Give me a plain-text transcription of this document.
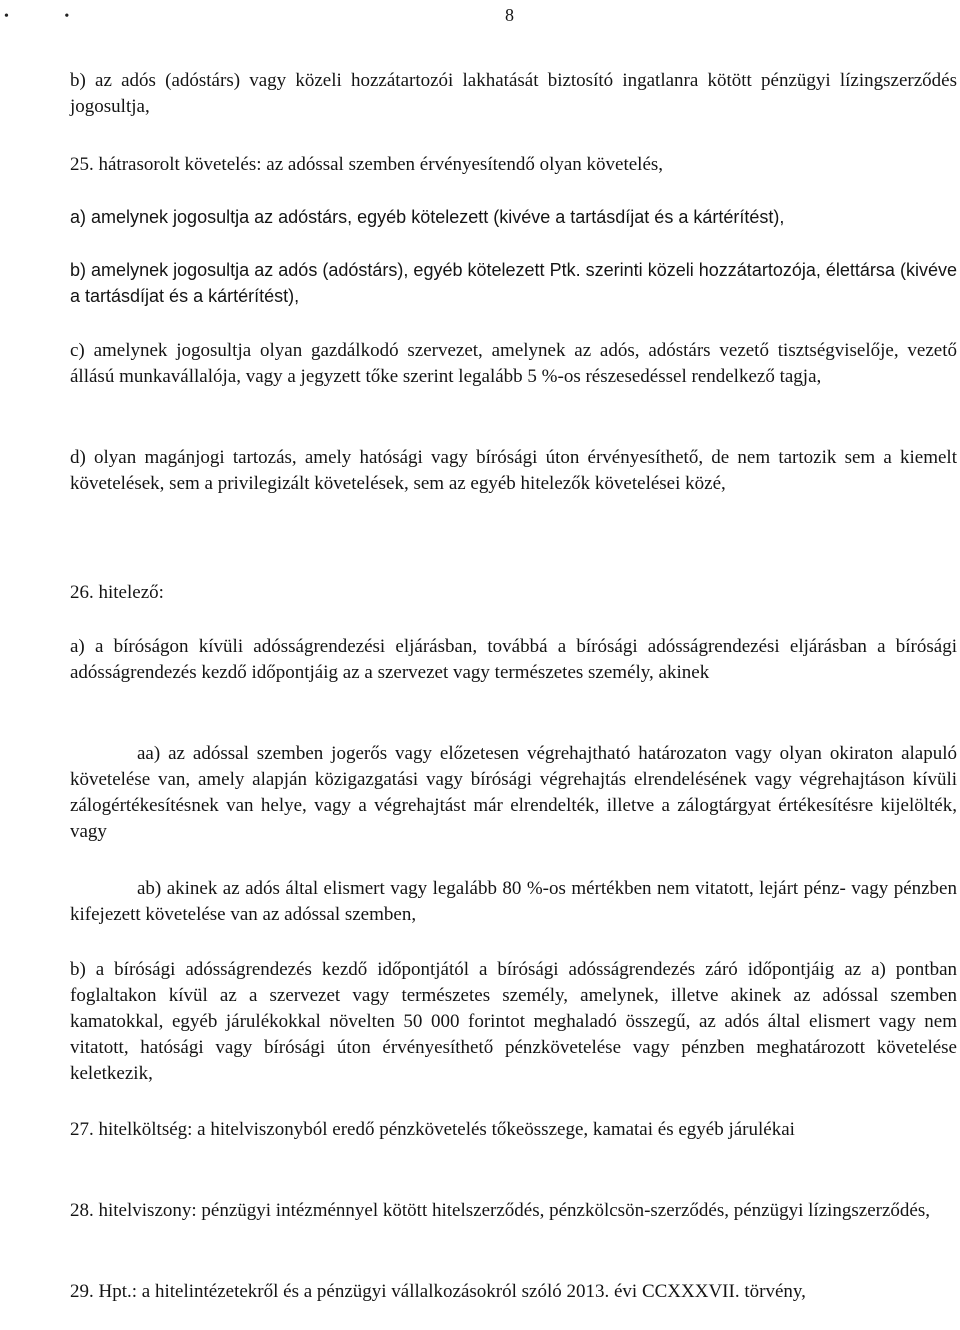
• •	8

b) az adós (adóstárs) vagy közeli hozzátartozói lakhatását biztosító ingatlanra kötött pénzügyi lízingszerződés jogosultja,

25. hátrasorolt követelés: az adóssal szemben érvényesítendő olyan követelés,

a) amelynek jogosultja az adóstárs, egyéb kötelezett (kivéve a tartásdíjat és a kártérítést),

b) amelynek jogosultja az adós (adóstárs), egyéb kötelezett Ptk. szerinti közeli hozzátartozója, élettársa (kivéve a tartásdíjat és a kártérítést),

c) amelynek jogosultja olyan gazdálkodó szervezet, amelynek az adós, adóstárs vezető tisztségviselője, vezető állású munkavállalója, vagy a jegyzett tőke szerint legalább 5 %-os részesedéssel rendelkező tagja,

d) olyan magánjogi tartozás, amely hatósági vagy bírósági úton érvényesíthető, de nem tartozik sem a kiemelt követelések, sem a privilegizált követelések, sem az egyéb hitelezők követelései közé,

26. hitelező:

a) a bíróságon kívüli adósságrendezési eljárásban, továbbá a bírósági adósságrendezési eljárásban a bírósági adósságrendezés kezdő időpontjáig az a szervezet vagy természetes személy, akinek

aa) az adóssal szemben jogerős vagy előzetesen végrehajtható határozaton vagy olyan okiraton alapuló követelése van, amely alapján közigazgatási vagy bírósági végrehajtás elrendelésének vagy végrehajtáson kívüli zálogértékesítésnek van helye, vagy a végrehajtást már elrendelték, illetve a zálogtárgyat értékesítésre kijelölték, vagy

ab) akinek az adós által elismert vagy legalább 80 %-os mértékben nem vitatott, lejárt pénz- vagy pénzben kifejezett követelése van az adóssal szemben,

b) a bírósági adósságrendezés kezdő időpontjától a bírósági adósságrendezés záró időpontjáig az a) pontban foglaltakon kívül az a szervezet vagy természetes személy, amelynek, illetve akinek az adóssal szemben kamatokkal, egyéb járulékokkal növelten 50 000 forintot meghaladó összegű, az adós által elismert vagy nem vitatott, hatósági vagy bírósági úton érvényesíthető pénzkövetelése vagy pénzben meghatározott követelése keletkezik,

27. hitelköltség: a hitelviszonyból eredő pénzkövetelés tőkeösszege, kamatai és egyéb járulékai

28. hitelviszony: pénzügyi intézménnyel kötött hitelszerződés, pénzkölcsön-szerződés, pénzügyi lízingszerződés,

29. Hpt.: a hitelintézetekről és a pénzügyi vállalkozásokról szóló 2013. évi CCXXXVII. törvény,
